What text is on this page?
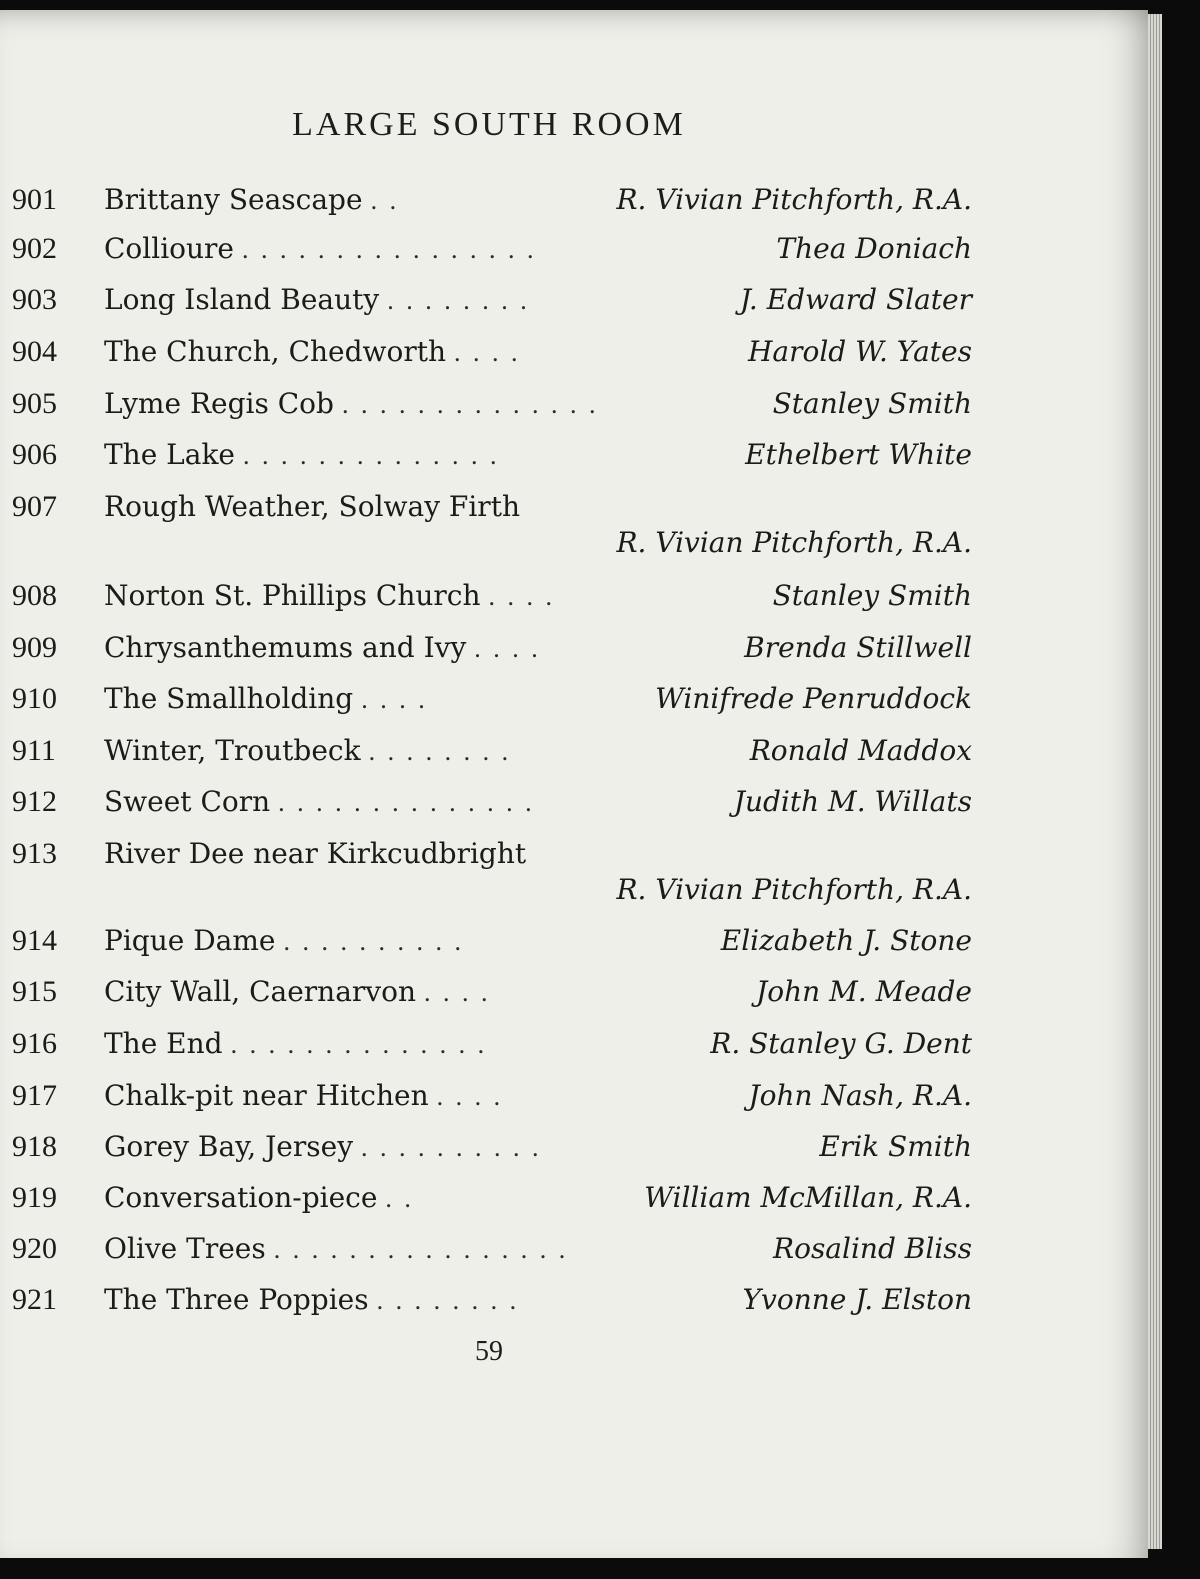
LARGE SOUTH ROOM
901 Brittany Seascape . .	R. Vivian Pitchforth, R.A.
902 Collioure . . . . . . . . . . . . . . . .	Thea Doniach
903 Long Island Beauty . . . . . . . .	J. Edward Slater
904 The Church, Chedworth . . . .	Harold W. Yates
905 Lyme Regis Cob . . . . . . . . . . . . . .	Stanley Smith
906 The Lake . . . . . . . . . . . . . .	Ethelbert White
907 Rough Weather, Solway Firth
R. Vivian Pitchforth, R.A.
908 Norton St. Phillips Church . . . .	Stanley Smith
909 Chrysanthemums and Ivy . . . .	Brenda Stillwell
910 The Smallholding . . . .	Winifrede Penruddock
911 Winter, Troutbeck . . . . . . . .	Ronald Maddox
912 Sweet Corn . . . . . . . . . . . . . .	Judith M. Willats
913 River Dee near Kirkcudbright
R. Vivian Pitchforth, R.A.
914 Pique Dame . . . . . . . . . .	Elizabeth J. Stone
915 City Wall, Caernarvon . . . .	John M. Meade
916 The End . . . . . . . . . . . . . .	R. Stanley G. Dent
917 Chalk-pit near Hitchen . . . .	John Nash, R.A.
918 Gorey Bay, Jersey . . . . . . . . . .	Erik Smith
919 Conversation-piece . .	William McMillan, R.A.
920 Olive Trees . . . . . . . . . . . . . . . .	Rosalind Bliss
921 The Three Poppies . . . . . . . .	Yvonne J. Elston
59
